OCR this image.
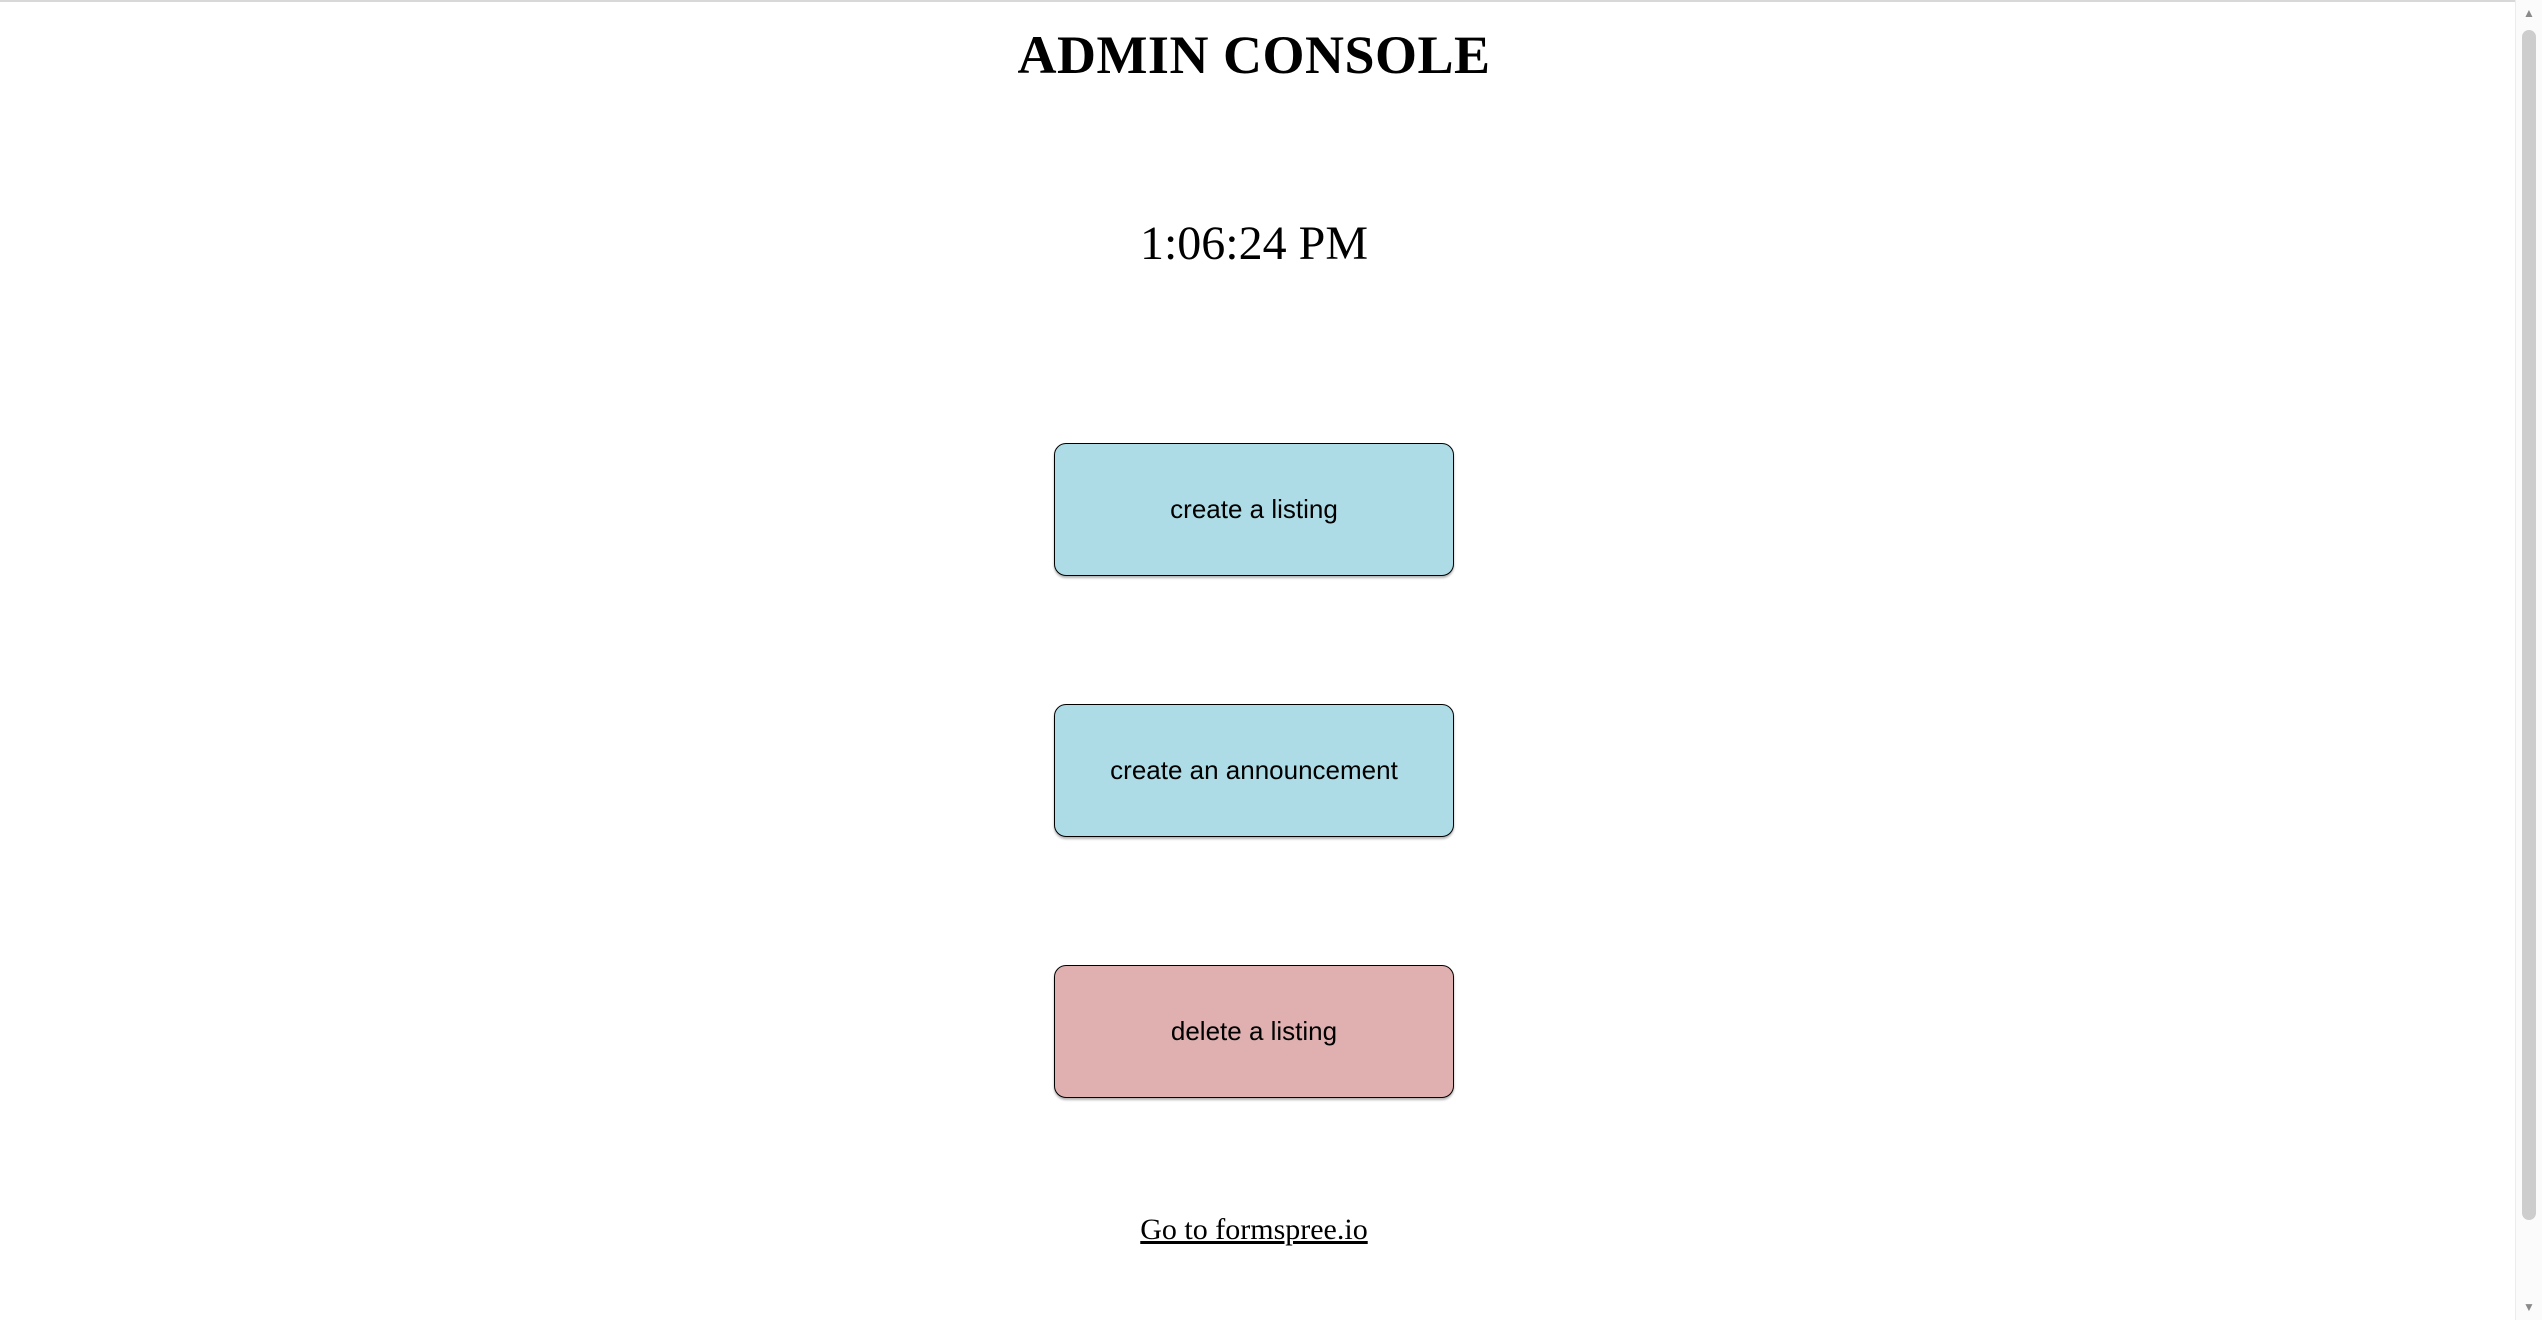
ADMIN CONSOLE
1:06:24 PM
create a listing
create an announcement
delete a listing
Go to formspree.io
▲
▼
